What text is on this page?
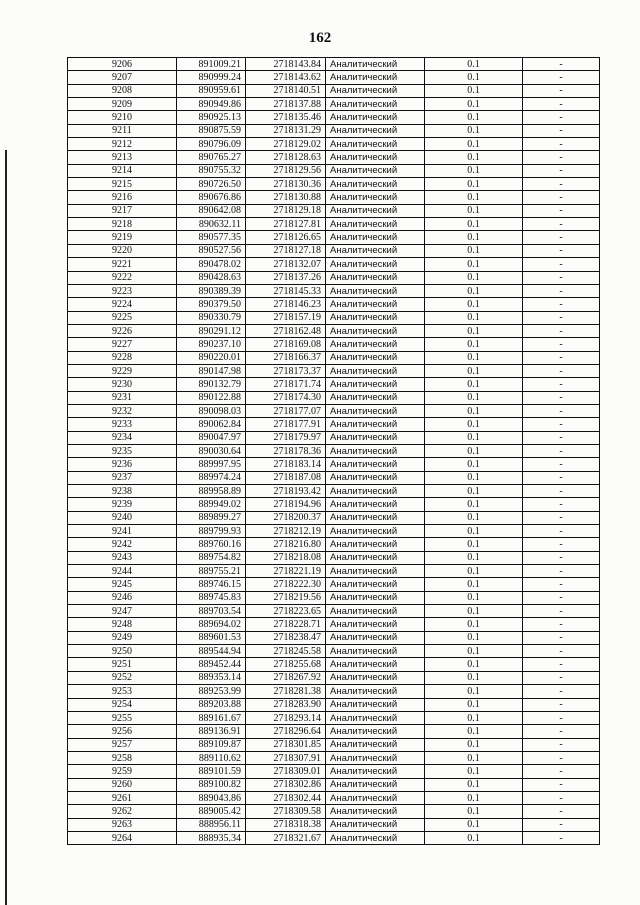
162
9206	891009.21	2718143.84	Аналитический	0.1	-
9207	890999.24	2718143.62	Аналитический	0.1	-
9208	890959.61	2718140.51	Аналитический	0.1	-
9209	890949.86	2718137.88	Аналитический	0.1	-
9210	890925.13	2718135.46	Аналитический	0.1	-
9211	890875.59	2718131.29	Аналитический	0.1	-
9212	890796.09	2718129.02	Аналитический	0.1	-
9213	890765.27	2718128.63	Аналитический	0.1	-
9214	890755.32	2718129.56	Аналитический	0.1	-
9215	890726.50	2718130.36	Аналитический	0.1	-
9216	890676.86	2718130.88	Аналитический	0.1	-
9217	890642.08	2718129.18	Аналитический	0.1	-
9218	890632.11	2718127.81	Аналитический	0.1	-
9219	890577.35	2718126.65	Аналитический	0.1	-
9220	890527.56	2718127.18	Аналитический	0.1	-
9221	890478.02	2718132.07	Аналитический	0.1	-
9222	890428.63	2718137.26	Аналитический	0.1	-
9223	890389.39	2718145.33	Аналитический	0.1	-
9224	890379.50	2718146.23	Аналитический	0.1	-
9225	890330.79	2718157.19	Аналитический	0.1	-
9226	890291.12	2718162.48	Аналитический	0.1	-
9227	890237.10	2718169.08	Аналитический	0.1	-
9228	890220.01	2718166.37	Аналитический	0.1	-
9229	890147.98	2718173.37	Аналитический	0.1	-
9230	890132.79	2718171.74	Аналитический	0.1	-
9231	890122.88	2718174.30	Аналитический	0.1	-
9232	890098.03	2718177.07	Аналитический	0.1	-
9233	890062.84	2718177.91	Аналитический	0.1	-
9234	890047.97	2718179.97	Аналитический	0.1	-
9235	890030.64	2718178.36	Аналитический	0.1	-
9236	889997.95	2718183.14	Аналитический	0.1	-
9237	889974.24	2718187.08	Аналитический	0.1	-
9238	889958.89	2718193.42	Аналитический	0.1	-
9239	889949.02	2718194.96	Аналитический	0.1	-
9240	889899.27	2718200.37	Аналитический	0.1	-
9241	889799.93	2718212.19	Аналитический	0.1	-
9242	889760.16	2718216.80	Аналитический	0.1	-
9243	889754.82	2718218.08	Аналитический	0.1	-
9244	889755.21	2718221.19	Аналитический	0.1	-
9245	889746.15	2718222.30	Аналитический	0.1	-
9246	889745.83	2718219.56	Аналитический	0.1	-
9247	889703.54	2718223.65	Аналитический	0.1	-
9248	889694.02	2718228.71	Аналитический	0.1	-
9249	889601.53	2718238.47	Аналитический	0.1	-
9250	889544.94	2718245.58	Аналитический	0.1	-
9251	889452.44	2718255.68	Аналитический	0.1	-
9252	889353.14	2718267.92	Аналитический	0.1	-
9253	889253.99	2718281.38	Аналитический	0.1	-
9254	889203.88	2718283.90	Аналитический	0.1	-
9255	889161.67	2718293.14	Аналитический	0.1	-
9256	889136.91	2718296.64	Аналитический	0.1	-
9257	889109.87	2718301.85	Аналитический	0.1	-
9258	889110.62	2718307.91	Аналитический	0.1	-
9259	889101.59	2718309.01	Аналитический	0.1	-
9260	889100.82	2718302.86	Аналитический	0.1	-
9261	889043.86	2718302.44	Аналитический	0.1	-
9262	889005.42	2718309.58	Аналитический	0.1	-
9263	888956.11	2718318.38	Аналитический	0.1	-
9264	888935.34	2718321.67	Аналитический	0.1	-
